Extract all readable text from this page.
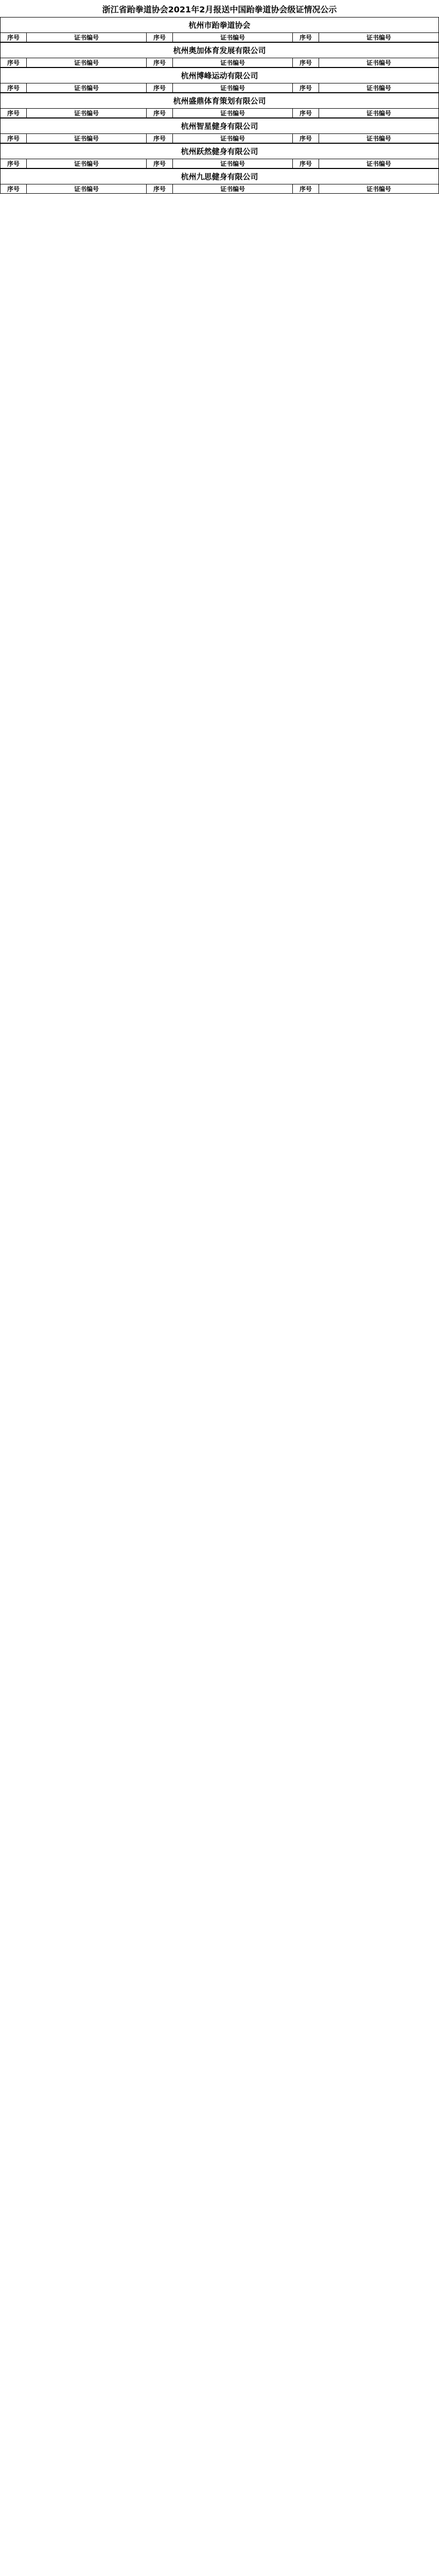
浙江省跆拳道协会2021年2月报送中国跆拳道协会级证情况公示
杭州市跆拳道协会
序号	证书编号	序号	证书编号	序号	证书编号
杭州奥加体育发展有限公司
序号	证书编号	序号	证书编号	序号	证书编号
杭州博峰运动有限公司
序号	证书编号	序号	证书编号	序号	证书编号
杭州盛鼎体育策划有限公司
序号	证书编号	序号	证书编号	序号	证书编号
杭州智星健身有限公司
序号	证书编号	序号	证书编号	序号	证书编号
杭州跃然健身有限公司
序号	证书编号	序号	证书编号	序号	证书编号
杭州九思健身有限公司
序号	证书编号	序号	证书编号	序号	证书编号
